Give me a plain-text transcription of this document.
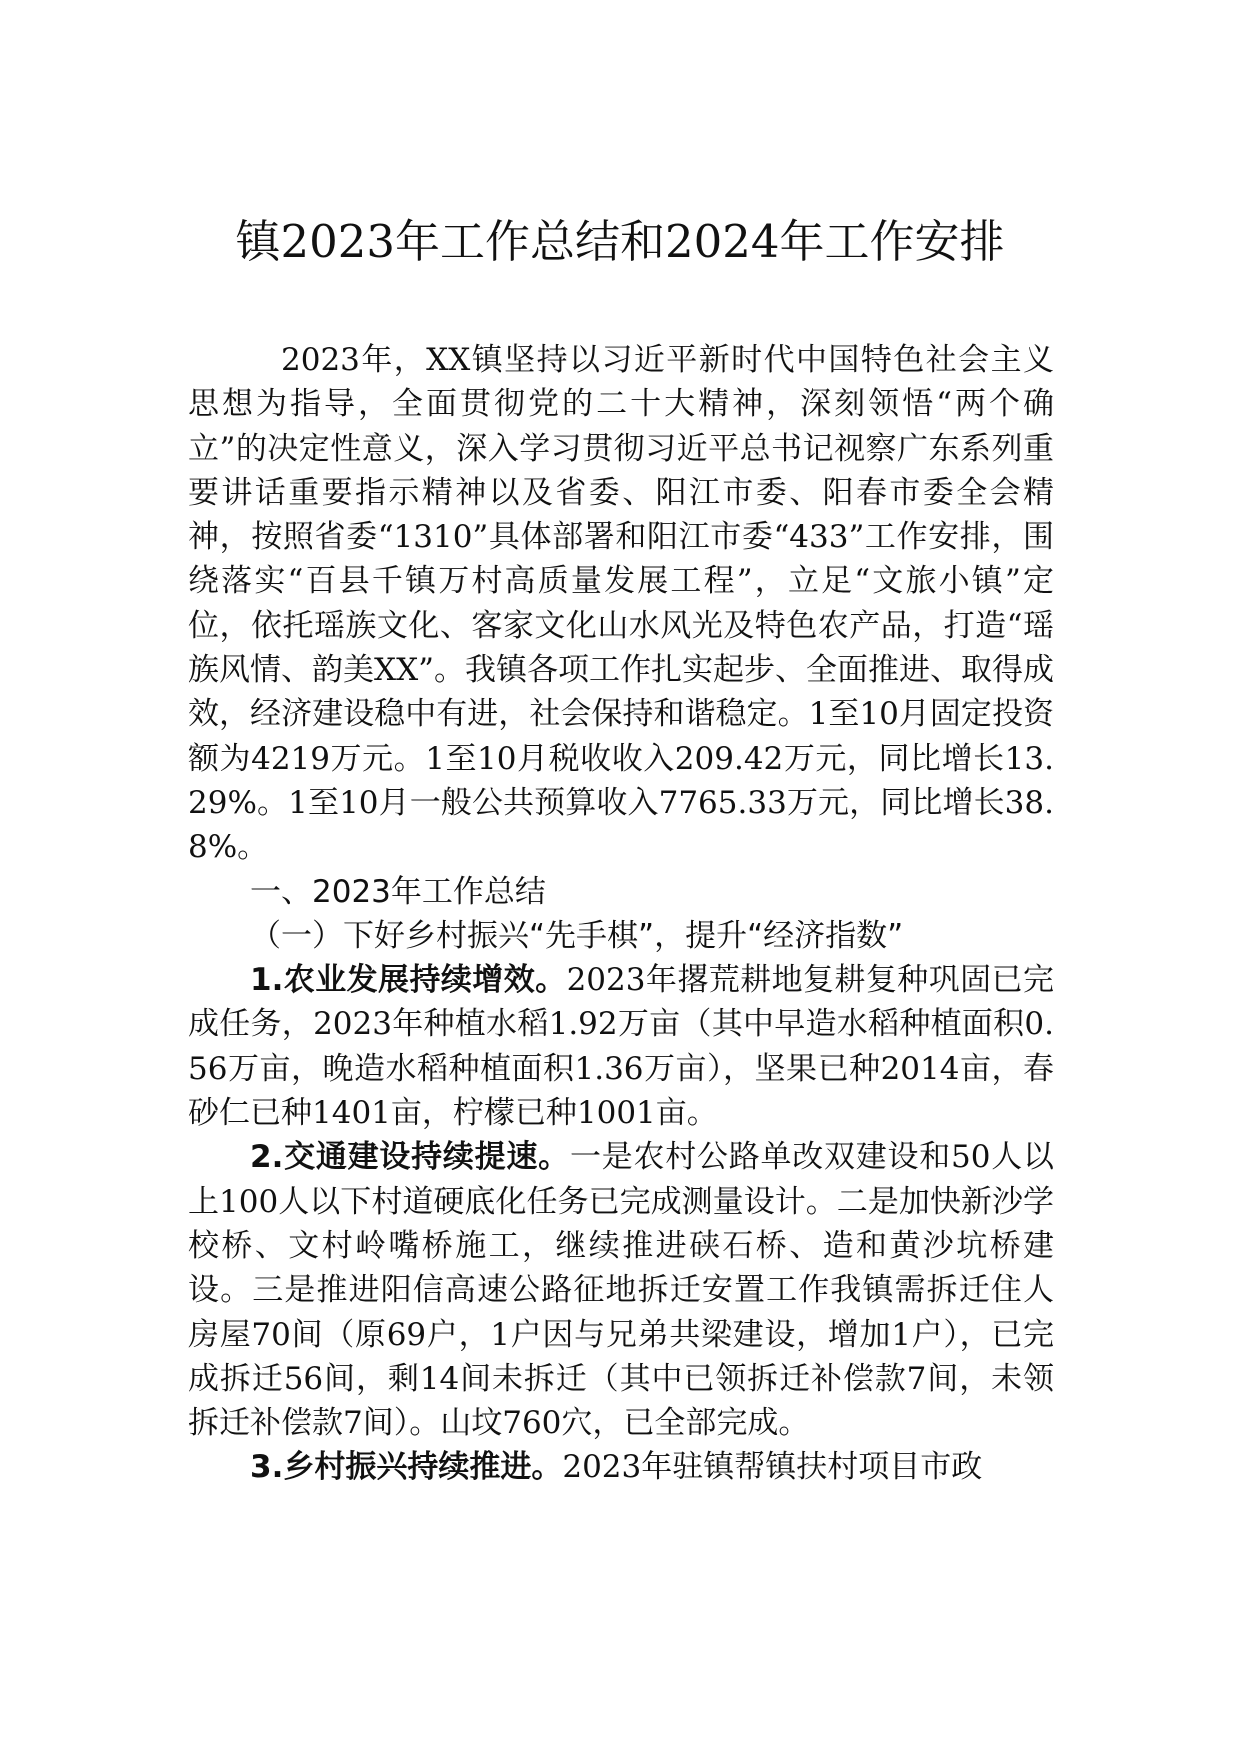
镇2023年工作总结和2024年工作安排

2023年，XX镇坚持以习近平新时代中国特色社会主义思想为指导，全面贯彻党的二十大精神，深刻领悟“两个确立”的决定性意义，深入学习贯彻习近平总书记视察广东系列重要讲话重要指示精神以及省委、阳江市委、阳春市委全会精神，按照省委“1310”具体部署和阳江市委“433”工作安排，围绕落实“百县千镇万村高质量发展工程”，立足“文旅小镇”定位，依托瑶族文化、客家文化山水风光及特色农产品，打造“瑶族风情、韵美XX”。我镇各项工作扎实起步、全面推进、取得成效，经济建设稳中有进，社会保持和谐稳定。1至10月固定投资额为4219万元。1至10月税收收入209.42万元，同比增长13.29%。1至10月一般公共预算收入7765.33万元，同比增长38.8%。

一、2023年工作总结

（一）下好乡村振兴“先手棋”，提升“经济指数”

1.农业发展持续增效。2023年撂荒耕地复耕复种巩固已完成任务，2023年种植水稻1.92万亩（其中早造水稻种植面积0.56万亩，晚造水稻种植面积1.36万亩），坚果已种2014亩，春砂仁已种1401亩，柠檬已种1001亩。

2.交通建设持续提速。一是农村公路单改双建设和50人以上100人以下村道硬底化任务已完成测量设计。二是加快新沙学校桥、文村岭嘴桥施工，继续推进硖石桥、造和黄沙坑桥建设。三是推进阳信高速公路征地拆迁安置工作我镇需拆迁住人房屋70间（原69户，1户因与兄弟共梁建设，增加1户），已完成拆迁56间，剩14间未拆迁（其中已领拆迁补偿款7间，未领拆迁补偿款7间）。山坟760穴，已全部完成。

3.乡村振兴持续推进。2023年驻镇帮镇扶村项目市政
